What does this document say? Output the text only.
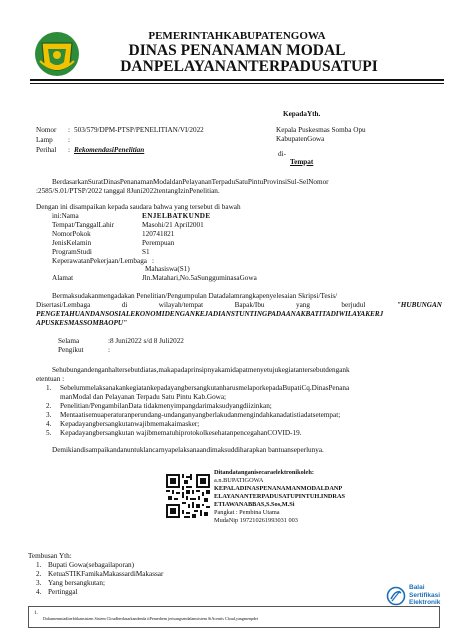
PEMERINTAHKABUPATENGOWA
DINAS PENANAMAN MODAL
DANPELAYANANTERPADUSATUPI
KepadaYth.
Kepala Puskesmas Somba Opu
KabupatenGowa
di-
Tempat
Nomor : 503/579/DPM-PTSP/PENELITIAN/VI/2022
Lamp :
Perihal : RekomendasiPenelitian
BerdasarkanSuratDinasPenanamanModaldanPelayananTerpaduSatuPintuProvinsiSul-SelNomor
:2585/S.01/PTSP/2022 tanggal 8Juni2022tentangIzinPenelitian.
Dengan ini disampaikan kepada saudara bahwa yang tersebut di bawah
ini:Nama	ENJELBATKUNDE
Tempat/TanggalLahir	Masohi/21 April2001
NomorPokok	120741821
JenisKelamin	Perempuan
ProgramStudi	S1
KeperawatanPekerjaan/Lembaga :
Mahasiswa(S1)
Alamat	Jln.Matahari,No.5aSungguminasaGowa
Bermaksudakanmengadakan Penelitian/Pengumpulan Datadalamrangkapenyelesaian Skripsi/Tesis/
Disertasi/Lembaga	di	wilayah/tempat	Bapak/Ibu	yang	berjudul	"HUBUNGAN
PENGETAHUANDANSOSIALEKONOMIDENGANKEJADIANSTUNTINGPADAANAKBATITADIWILAYAKERJ
APUSKESMASSOMBAOPU"
Selama	:8 Juni2022 s/d 8 Juli2022
Pengikut	:
Sehubungandenganhaltersebutdiatas,makapadaprinsipnyakamidapatmenyetujukegiatantersebutdengank
etentuan :
1. SebelummelaksanakankegiatankepadayangbersangkutanharusmelaporkepadaBupatiCq.DinasPenana
manModal dan Pelayanan Terpadu Satu Pintu Kab.Gowa;
2. Penelitian/PengambilanData tidakmenyimpangdarimaksudyangdiizinkan;
3. Mentaatisemuaperaturanperundang-undanganyangberlakudanmengindahkanadatistiadatsetempat;
4. Kepadayangbersangkutanwajibmemakaimasker;
5. Kepadayangbersangkutan wajibmematuhiprotokolkesehatanpencegahanCOVID-19.
Demikiandisampaikandanuntuklancarnyapelaksanaandimaksuddiharapkan bantuanseperlunya.
Ditandatanganisecaraelektronikoleh:
a.n.BUPATIGOWA
KEPALADINASPENANAMANMODALDANP
ELAYANANTERPADUSATUPINTUH.INDRAS
ETIAWANABBAS,S.Sos,M.Si
Pangkat : Pembina Utama
MudaNip 197210261993031 003
Tembusan Yth:
1. Bupati Gowa(sebagailaporan)
2. KetuaSTIKFamikaMakassardiMakassar
3. Yang bersangkutan;
4. Pertinggal
Balai
Sertifikasi
Elektronik
1.
Dokumenmiaditerbitkansistem Sistem Cloudberdasarkandenda tiPemerbem jerisangsendalamsistem SiAcentis Cloud,yangmenpdet
